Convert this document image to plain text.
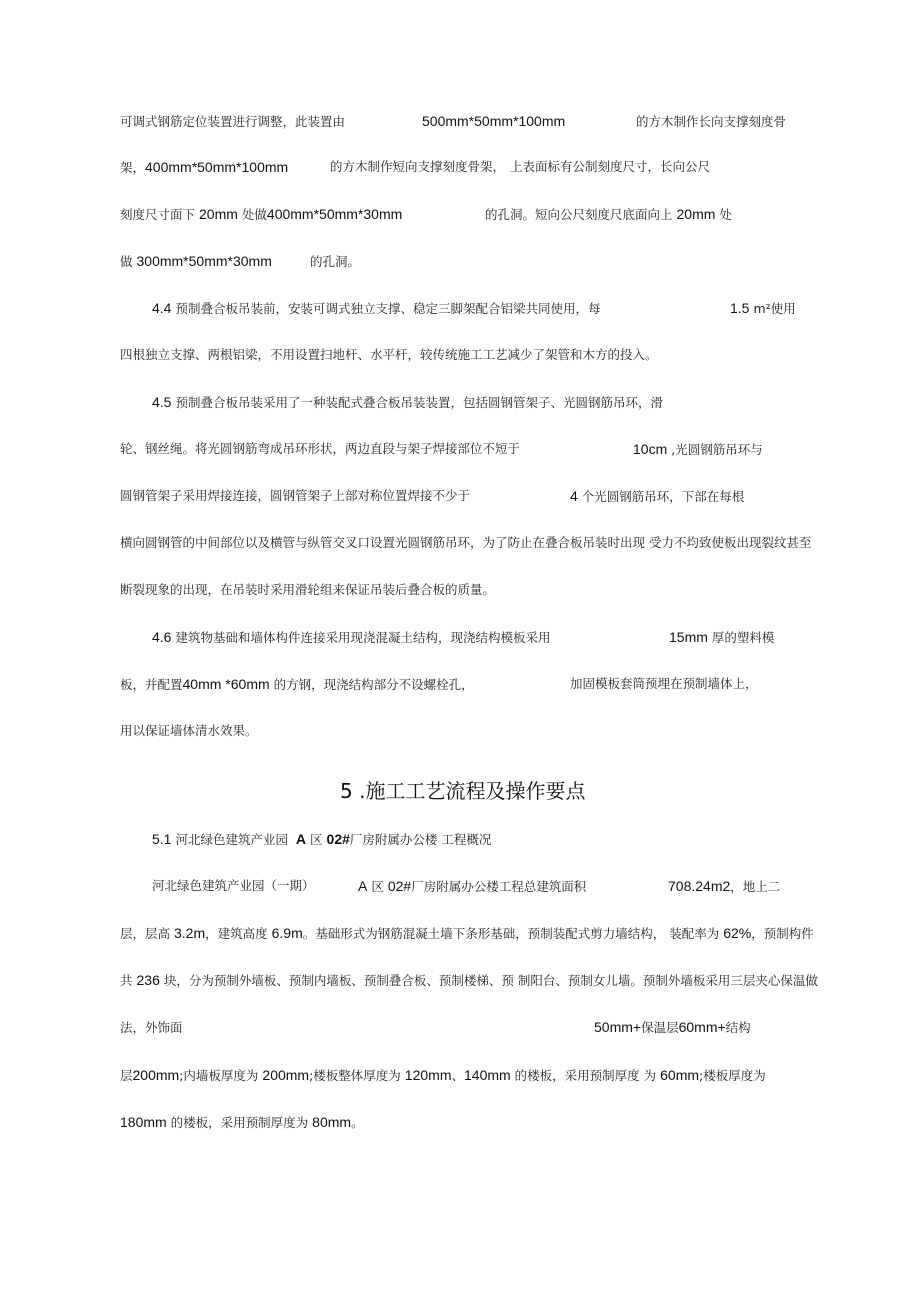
可调式钢筋定位装置进行调整，此装置由	500mm*50mm*100mm	的方木制作长向支撑刻度骨
架，400mm*50mm*100mm	的方木制作短向支撑刻度骨架， 上表面标有公制刻度尺寸，长向公尺
刻度尺寸面下 20mm 处做400mm*50mm*30mm	的孔洞。短向公尺刻度尺底面向上 20mm 处
做 300mm*50mm*30mm	的孔洞。
4.4 预制叠合板吊装前，安装可调式独立支撑、稳定三脚架配合铝梁共同使用，每	1.5 m²使用
四根独立支撑、两根铝梁，不用设置扫地杆、水平杆，较传统施工工艺减少了架管和木方的投入。
4.5 预制叠合板吊装采用了一种装配式叠合板吊装装置，包括圆钢管架子、光圆钢筋吊环，滑
轮、钢丝绳。将光圆钢筋弯成吊环形状，两边直段与架子焊接部位不短于	10cm ,光圆钢筋吊环与
圆钢管架子采用焊接连接，圆钢管架子上部对称位置焊接不少于	4 个光圆钢筋吊环，下部在每根
横向圆钢管的中间部位以及横管与纵管交叉口设置光圆钢筋吊环，为了防止在叠合板吊装时出现 受力不均致使板出现裂纹甚至
断裂现象的出现，在吊装时采用滑轮组来保证吊装后叠合板的质量。
4.6 建筑物基础和墙体构件连接采用现浇混凝土结构，现浇结构模板采用	15mm 厚的塑料模
板，并配置40mm *60mm 的方钢，现浇结构部分不设螺栓孔，	加固模板套筒预埋在预制墙体上，
用以保证墙体清水效果。
5 .施工工艺流程及操作要点
5.1 河北绿色建筑产业园 A 区 02#厂房附属办公楼 工程概况
河北绿色建筑产业园（一期）	A 区 02#厂房附属办公楼工程总建筑面积	708.24m2，地上二
层，层高 3.2m，建筑高度 6.9m。基础形式为钢筋混凝土墙下条形基础，预制装配式剪力墙结构， 装配率为 62%，预制构件
共 236 块，分为预制外墙板、预制内墙板、预制叠合板、预制楼梯、预 制阳台、预制女儿墙。预制外墙板采用三层夹心保温做
法，外饰面	50mm+保温层60mm+结构
层200mm;内墙板厚度为 200mm;楼板整体厚度为 120mm、140mm 的楼板，采用预制厚度 为 60mm;楼板厚度为
180mm 的楼板，采用预制厚度为 80mm。
